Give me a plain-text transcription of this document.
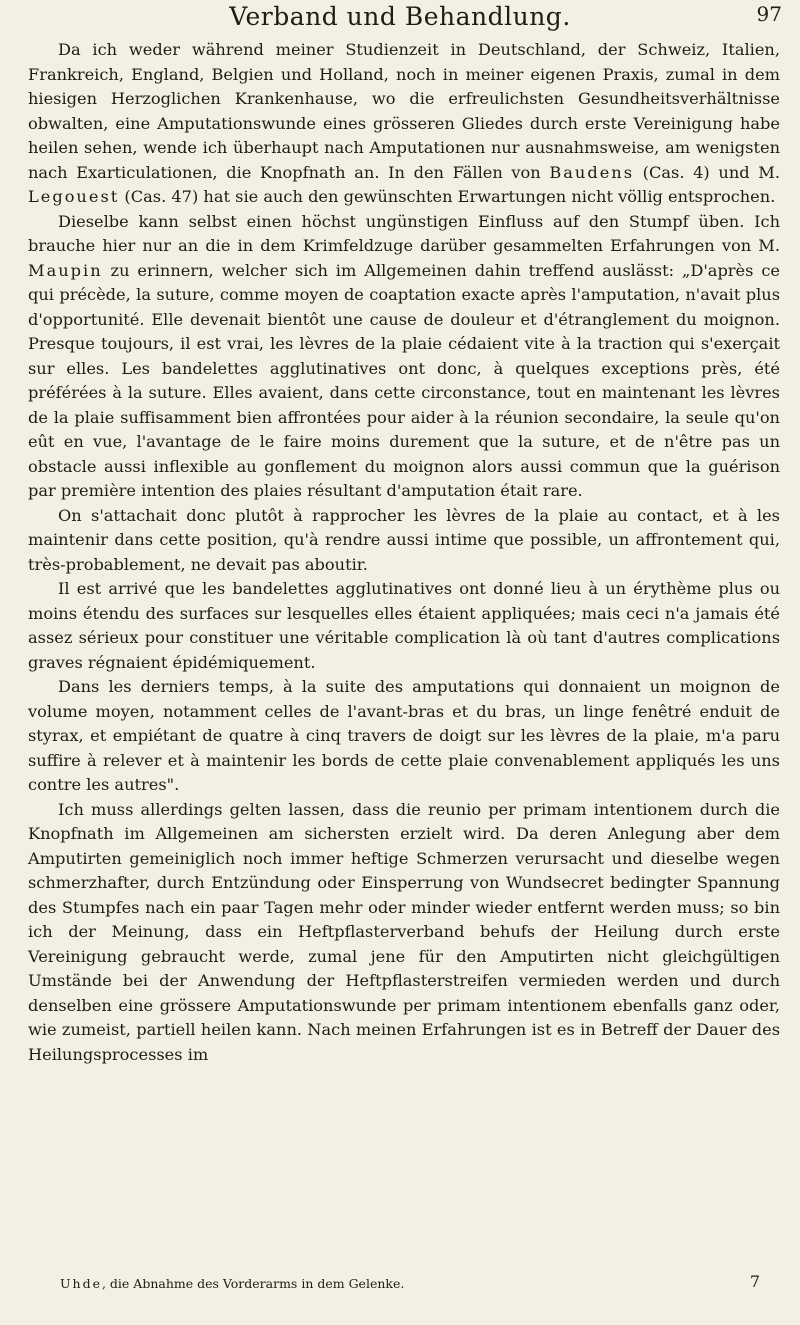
Verband und Behandlung.	97

Da ich weder während meiner Studienzeit in Deutschland, der Schweiz, Italien, Frankreich, England, Belgien und Holland, noch in meiner eigenen Praxis, zumal in dem hiesigen Herzoglichen Krankenhause, wo die erfreulichsten Gesundheitsverhältnisse obwalten, eine Amputationswunde eines grösseren Gliedes durch erste Vereinigung habe heilen sehen, wende ich überhaupt nach Amputationen nur ausnahmsweise, am wenigsten nach Exarticulationen, die Knopfnath an. In den Fällen von Baudens (Cas. 4) und M. Legouest (Cas. 47) hat sie auch den gewünschten Erwartungen nicht völlig entsprochen.

Dieselbe kann selbst einen höchst ungünstigen Einfluss auf den Stumpf üben. Ich brauche hier nur an die in dem Krimfeldzuge darüber gesammelten Erfahrungen von M. Maupin zu erinnern, welcher sich im Allgemeinen dahin treffend auslässt: „D'après ce qui précède, la suture, comme moyen de coaptation exacte après l'amputation, n'avait plus d'opportunité. Elle devenait bientôt une cause de douleur et d'étranglement du moignon. Presque toujours, il est vrai, les lèvres de la plaie cédaient vite à la traction qui s'exerçait sur elles. Les bandelettes agglutinatives ont donc, à quelques exceptions près, été préférées à la suture. Elles avaient, dans cette circonstance, tout en maintenant les lèvres de la plaie suffisamment bien affrontées pour aider à la réunion secondaire, la seule qu'on eût en vue, l'avantage de le faire moins durement que la suture, et de n'être pas un obstacle aussi inflexible au gonflement du moignon alors aussi commun que la guérison par première intention des plaies résultant d'amputation était rare.

On s'attachait donc plutôt à rapprocher les lèvres de la plaie au contact, et à les maintenir dans cette position, qu'à rendre aussi intime que possible, un affrontement qui, très-probablement, ne devait pas aboutir.

Il est arrivé que les bandelettes agglutinatives ont donné lieu à un érythème plus ou moins étendu des surfaces sur lesquelles elles étaient appliquées; mais ceci n'a jamais été assez sérieux pour constituer une véritable complication là où tant d'autres complications graves régnaient épidémiquement.

Dans les derniers temps, à la suite des amputations qui donnaient un moignon de volume moyen, notamment celles de l'avant-bras et du bras, un linge fenêtré enduit de styrax, et empiétant de quatre à cinq travers de doigt sur les lèvres de la plaie, m'a paru suffire à relever et à maintenir les bords de cette plaie convenablement appliqués les uns contre les autres".

Ich muss allerdings gelten lassen, dass die reunio per primam intentionem durch die Knopfnath im Allgemeinen am sichersten erzielt wird. Da deren Anlegung aber dem Amputirten gemeiniglich noch immer heftige Schmerzen verursacht und dieselbe wegen schmerzhafter, durch Entzündung oder Einsperrung von Wundsecret bedingter Spannung des Stumpfes nach ein paar Tagen mehr oder minder wieder entfernt werden muss; so bin ich der Meinung, dass ein Heftpflasterverband behufs der Heilung durch erste Vereinigung gebraucht werde, zumal jene für den Amputirten nicht gleichgültigen Umstände bei der Anwendung der Heftpflasterstreifen vermieden werden und durch denselben eine grössere Amputationswunde per primam intentionem ebenfalls ganz oder, wie zumeist, partiell heilen kann. Nach meinen Erfahrungen ist es in Betreff der Dauer des Heilungsprocesses im

Uhde, die Abnahme des Vorderarms in dem Gelenke.	7
